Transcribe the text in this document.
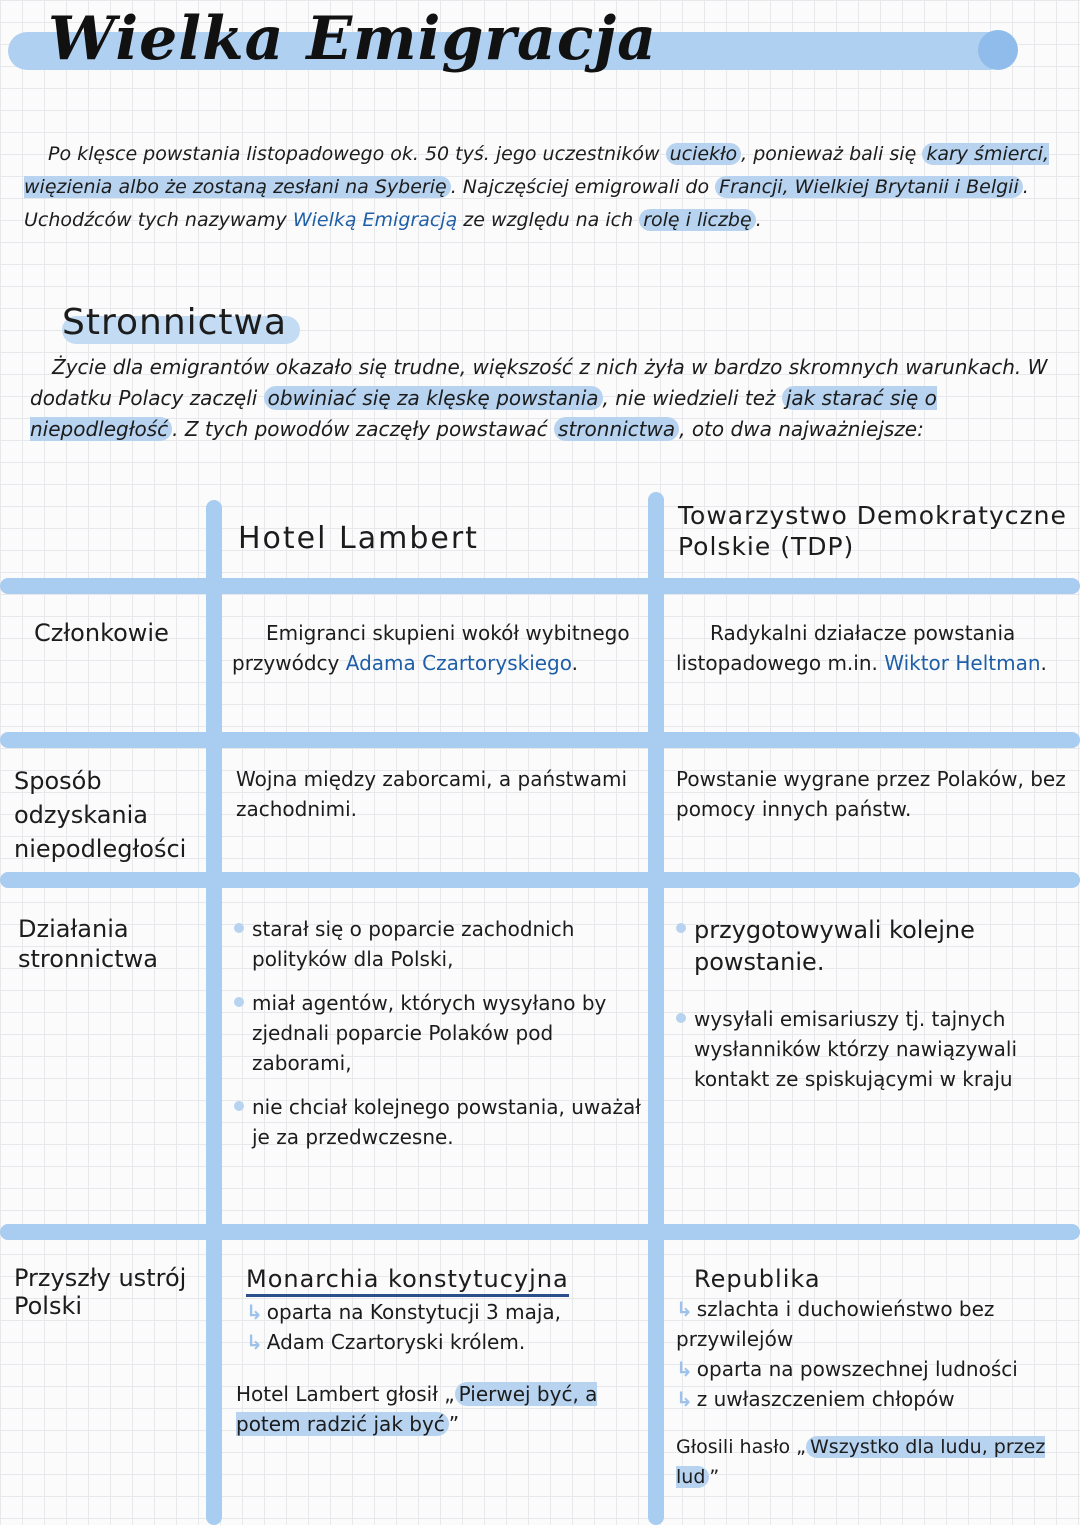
Wielka Emigracja

Po klęsce powstania listopadowego ok. 50 tyś. jego uczestników uciekło , ponieważ bali się kary śmierci, więzienia albo że zostaną zesłani na Syberię . Najczęściej emigrowali do Francji, Wielkiej Brytanii i Belgii . Uchodźców tych nazywamy Wielką Emigracją ze względu na ich rolę i liczbę .

Stronnictwa

Życie dla emigrantów okazało się trudne, większość z nich żyła w bardzo skromnych warunkach. W dodatku Polacy zaczęli obwiniać się za klęskę powstania , nie wiedzieli też jak starać się o niepodległość . Z tych powodów zaczęły powstawać stronnictwa , oto dwa najważniejsze:

Hotel Lambert
Towarzystwo Demokratyczne Polskie (TDP)
Członkowie	Emigranci skupieni wokół wybitnego przywódcy Adama Czartoryskiego.
Radykalni działacze powstania listopadowego m.in. Wiktor Heltman.
Sposób odzyskania niepodległości
Wojna między zaborcami, a państwami zachodnimi.
Powstanie wygrane przez Polaków, bez pomocy innych państw.
Działania stronnictwa
starał się o poparcie zachodnich polityków dla Polski,
miał agentów, których wysyłano by zjednali poparcie Polaków pod zaborami,
nie chciał kolejnego powstania, uważał je za przedwczesne.
przygotowywali kolejne powstanie.
wysyłali emisariuszy tj. tajnych wysłanników którzy nawiązywali kontakt ze spiskującymi w kraju
Przyszły ustrój Polski
Monarchia konstytucyjna
↳ oparta na Konstytucji 3 maja,
↳ Adam Czartoryski królem.
Hotel Lambert głosił „ Pierwej być, a potem radzić jak być ”
Republika
↳ szlachta i duchowieństwo bez przywilejów
↳ oparta na powszechnej ludności
↳ z uwłaszczeniem chłopów
Głosili hasło „ Wszystko dla ludu, przez lud ”
